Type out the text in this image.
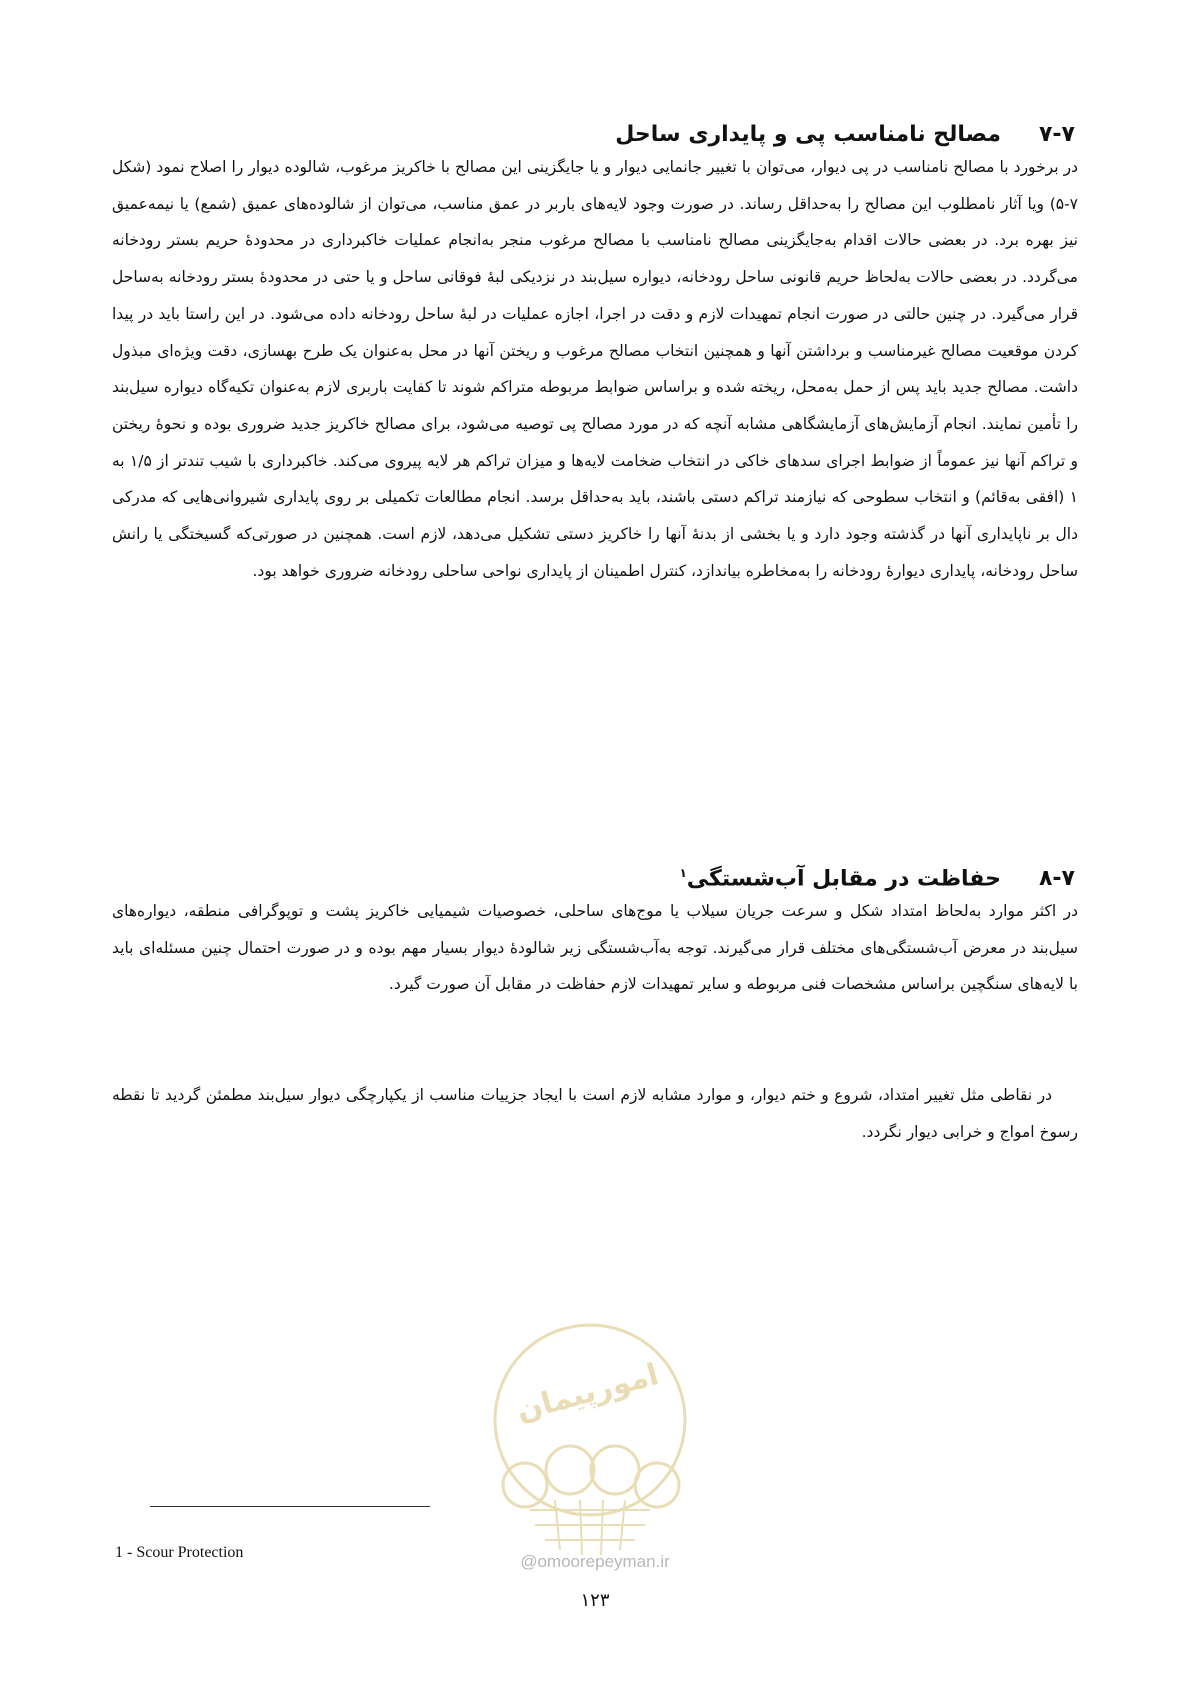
۷-۷مصالح نامناسب پی و پایداری ساحل

در برخورد با مصالح نامناسب در پی دیوار، می‌توان با تغییر جانمایی دیوار و یا جایگزینی این مصالح با خاکریز مرغوب، شالوده دیوار را اصلاح نمود (شکل ۷-۵) ویا آثار نامطلوب این مصالح را به‌حداقل رساند. در صورت وجود لایه‌های باربر در عمق مناسب، می‌توان از شالوده‌های عمیق (شمع) یا نیمه‌عمیق نیز بهره برد. در بعضی حالات اقدام به‌جایگزینی مصالح نامناسب با مصالح مرغوب منجر به‌انجام عملیات خاکبرداری در محدودهٔ حریم بستر رودخانه می‌گردد. در بعضی حالات به‌لحاظ حریم قانونی ساحل رودخانه، دیواره سیل‌بند در نزدیکی لبهٔ فوقانی ساحل و یا حتی در محدودهٔ بستر رودخانه به‌ساحل قرار می‌گیرد. در چنین حالتی در صورت انجام تمهیدات لازم و دقت در اجرا، اجازه عملیات در لبهٔ ساحل رودخانه داده می‌شود. در این راستا باید در پیدا کردن موقعیت مصالح غیرمناسب و برداشتن آنها و همچنین انتخاب مصالح مرغوب و ریختن آنها در محل به‌عنوان یک طرح بهسازی، دقت ویژه‌ای مبذول داشت. مصالح جدید باید پس از حمل به‌محل، ریخته شده و براساس ضوابط مربوطه متراکم شوند تا کفایت باربری لازم به‌عنوان تکیه‌گاه دیواره سیل‌بند را تأمین نمایند. انجام آزمایش‌های آزمایشگاهی مشابه آنچه که در مورد مصالح پی توصیه می‌شود، برای مصالح خاکریز جدید ضروری بوده و نحوهٔ ریختن و تراکم آنها نیز عموماً از ضوابط اجرای سدهای خاکی در انتخاب ضخامت لایه‌ها و میزان تراکم هر لایه پیروی می‌کند. خاکبرداری با شیب تندتر از ۱/۵ به ۱ (افقی به‌قائم) و انتخاب سطوحی که نیازمند تراکم دستی باشند، باید به‌حداقل برسد. انجام مطالعات تکمیلی بر روی پایداری شیروانی‌هایی که مدرکی دال بر ناپایداری آنها در گذشته وجود دارد و یا بخشی از بدنهٔ آنها را خاکریز دستی تشکیل می‌دهد، لازم است. همچنین در صورتی‌که گسیختگی یا رانش ساحل رودخانه، پایداری دیوارهٔ رودخانه را به‌مخاطره بیاندازد، کنترل اطمینان از پایداری نواحی ساحلی رودخانه ضروری خواهد بود.

۸-۷حفاظت در مقابل آب‌شستگی$^۱$

در اکثر موارد به‌لحاظ امتداد شکل و سرعت جریان سیلاب یا موج‌های ساحلی، خصوصیات شیمیایی خاکریز پشت و توپوگرافی منطقه، دیواره‌های سیل‌بند در معرض آب‌شستگی‌های مختلف قرار می‌گیرند. توجه به‌آب‌شستگی زیر شالودهٔ دیوار بسیار مهم بوده و در صورت احتمال چنین مسئله‌ای باید با لایه‌های سنگچین براساس مشخصات فنی مربوطه و سایر تمهیدات لازم حفاظت در مقابل آن صورت گیرد.

در نقاطی مثل تغییر امتداد، شروع و ختم دیوار، و موارد مشابه لازم است با ایجاد جزییات مناسب از یکپارچگی دیوار سیل‌بند مطمئن گردید تا نقطه رسوخ امواج و خرابی دیوار نگردد.

امورپیمان
@omoorepeyman.ir
1 - Scour Protection
۱۲۳
